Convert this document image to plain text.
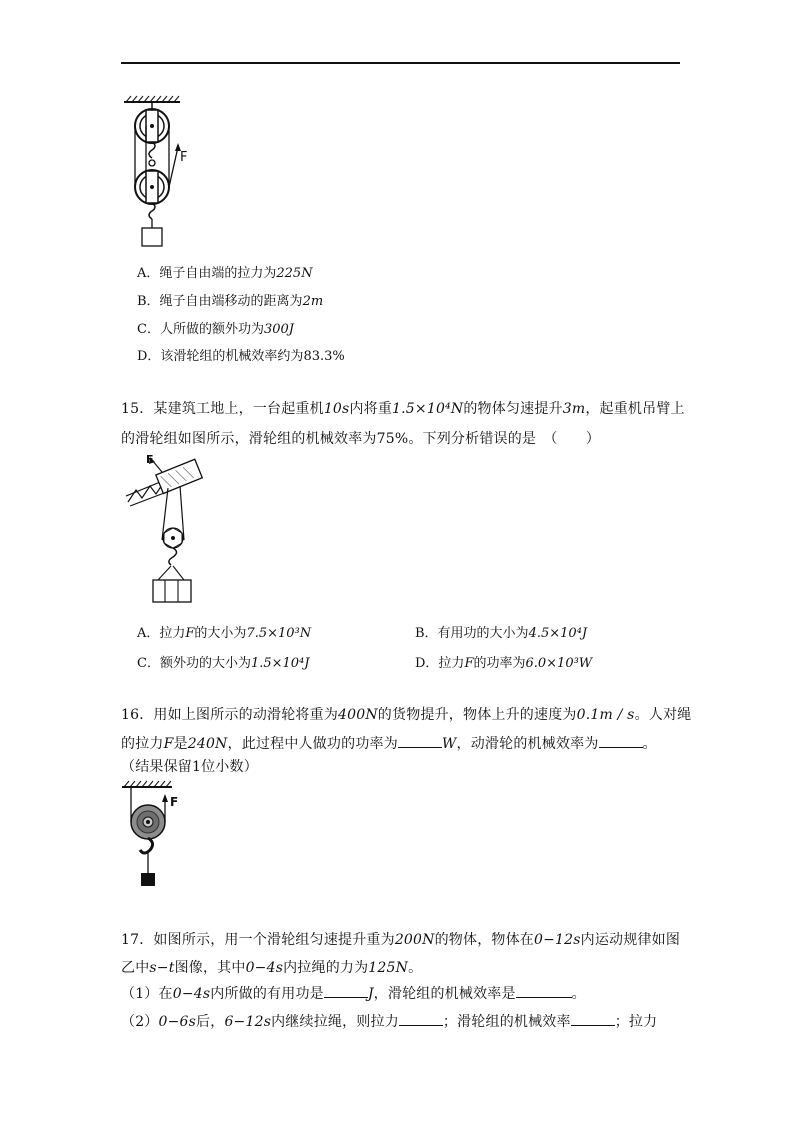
F
A．绳子自由端的拉力为225N
B．绳子自由端移动的距离为2m
C．人所做的额外功为300J
D．该滑轮组的机械效率约为83.3%
15．某建筑工地上，一台起重机10s内将重1.5×10⁴N的物体匀速提升3m，起重机吊臂上
的滑轮组如图所示，滑轮组的机械效率为75%。下列分析错误的是　（　　）
F
A．拉力F的大小为7.5×10³N	B．有用功的大小为4.5×10⁴J
C．额外功的大小为1.5×10⁴J	D．拉力F的功率为6.0×10³W
16．用如上图所示的动滑轮将重为400N的货物提升，物体上升的速度为0.1m / s。人对绳
的拉力F是240N，此过程中人做功的功率为	W，动滑轮的机械效率为	。
（结果保留1位小数）
F
17．如图所示，用一个滑轮组匀速提升重为200N的物体，物体在0−12s内运动规律如图
乙中s−t图像，其中0−4s内拉绳的力为125N。
（1）在0−4s内所做的有用功是	J，滑轮组的机械效率是	。
（2）0−6s后，6−12s内继续拉绳，则拉力	；滑轮组的机械效率	；拉力
